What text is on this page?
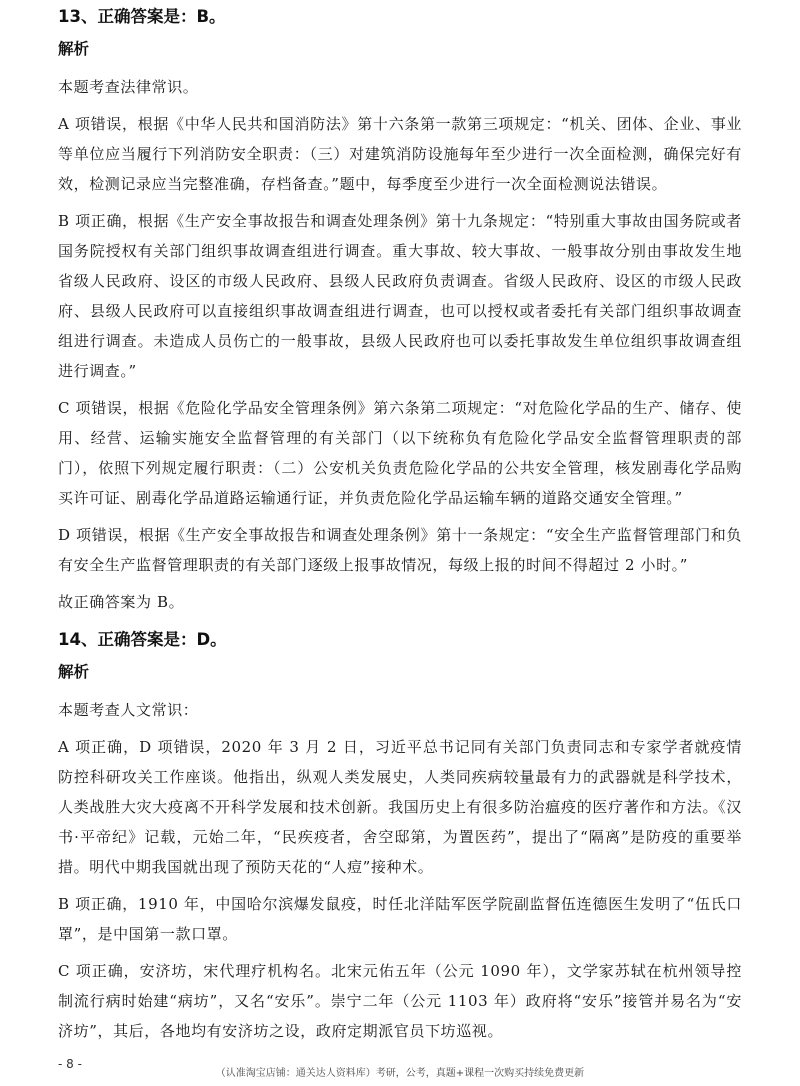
13、正确答案是：B。
解析

本题考查法律常识。

A 项错误，根据《中华人民共和国消防法》第十六条第一款第三项规定：“机关、团体、企业、事业等单位应当履行下列消防安全职责：（三）对建筑消防设施每年至少进行一次全面检测，确保完好有效，检测记录应当完整准确，存档备查。”题中，每季度至少进行一次全面检测说法错误。

B 项正确，根据《生产安全事故报告和调查处理条例》第十九条规定：“特别重大事故由国务院或者国务院授权有关部门组织事故调查组进行调查。重大事故、较大事故、一般事故分别由事故发生地省级人民政府、设区的市级人民政府、县级人民政府负责调查。省级人民政府、设区的市级人民政府、县级人民政府可以直接组织事故调查组进行调查，也可以授权或者委托有关部门组织事故调查组进行调查。未造成人员伤亡的一般事故，县级人民政府也可以委托事故发生单位组织事故调查组进行调查。”

C 项错误，根据《危险化学品安全管理条例》第六条第二项规定：“对危险化学品的生产、储存、使用、经营、运输实施安全监督管理的有关部门（以下统称负有危险化学品安全监督管理职责的部门），依照下列规定履行职责：（二）公安机关负责危险化学品的公共安全管理，核发剧毒化学品购买许可证、剧毒化学品道路运输通行证，并负责危险化学品运输车辆的道路交通安全管理。”

D 项错误，根据《生产安全事故报告和调查处理条例》第十一条规定：“安全生产监督管理部门和负有安全生产监督管理职责的有关部门逐级上报事故情况，每级上报的时间不得超过 2 小时。”

故正确答案为 B。

14、正确答案是：D。
解析

本题考查人文常识：

A 项正确，D 项错误，2020 年 3 月 2 日，习近平总书记同有关部门负责同志和专家学者就疫情防控科研攻关工作座谈。他指出，纵观人类发展史，人类同疾病较量最有力的武器就是科学技术，人类战胜大灾大疫离不开科学发展和技术创新。我国历史上有很多防治瘟疫的医疗著作和方法。《汉书·平帝纪》记载，元始二年，“民疾疫者，舍空邸第，为置医药”，提出了“隔离”是防疫的重要举措。明代中期我国就出现了预防天花的“人痘”接种术。

B 项正确，1910 年，中国哈尔滨爆发鼠疫，时任北洋陆军医学院副监督伍连德医生发明了“伍氏口罩”，是中国第一款口罩。

C 项正确，安济坊，宋代理疗机构名。北宋元佑五年（公元 1090 年），文学家苏轼在杭州领导控制流行病时始建“病坊”，又名“安乐”。崇宁二年（公元 1103 年）政府将“安乐”接管并易名为“安济坊”，其后，各地均有安济坊之设，政府定期派官员下坊巡视。

- 8 -
（认准淘宝店铺：通关达人资料库）考研，公考，真题+课程一次购买持续免费更新
